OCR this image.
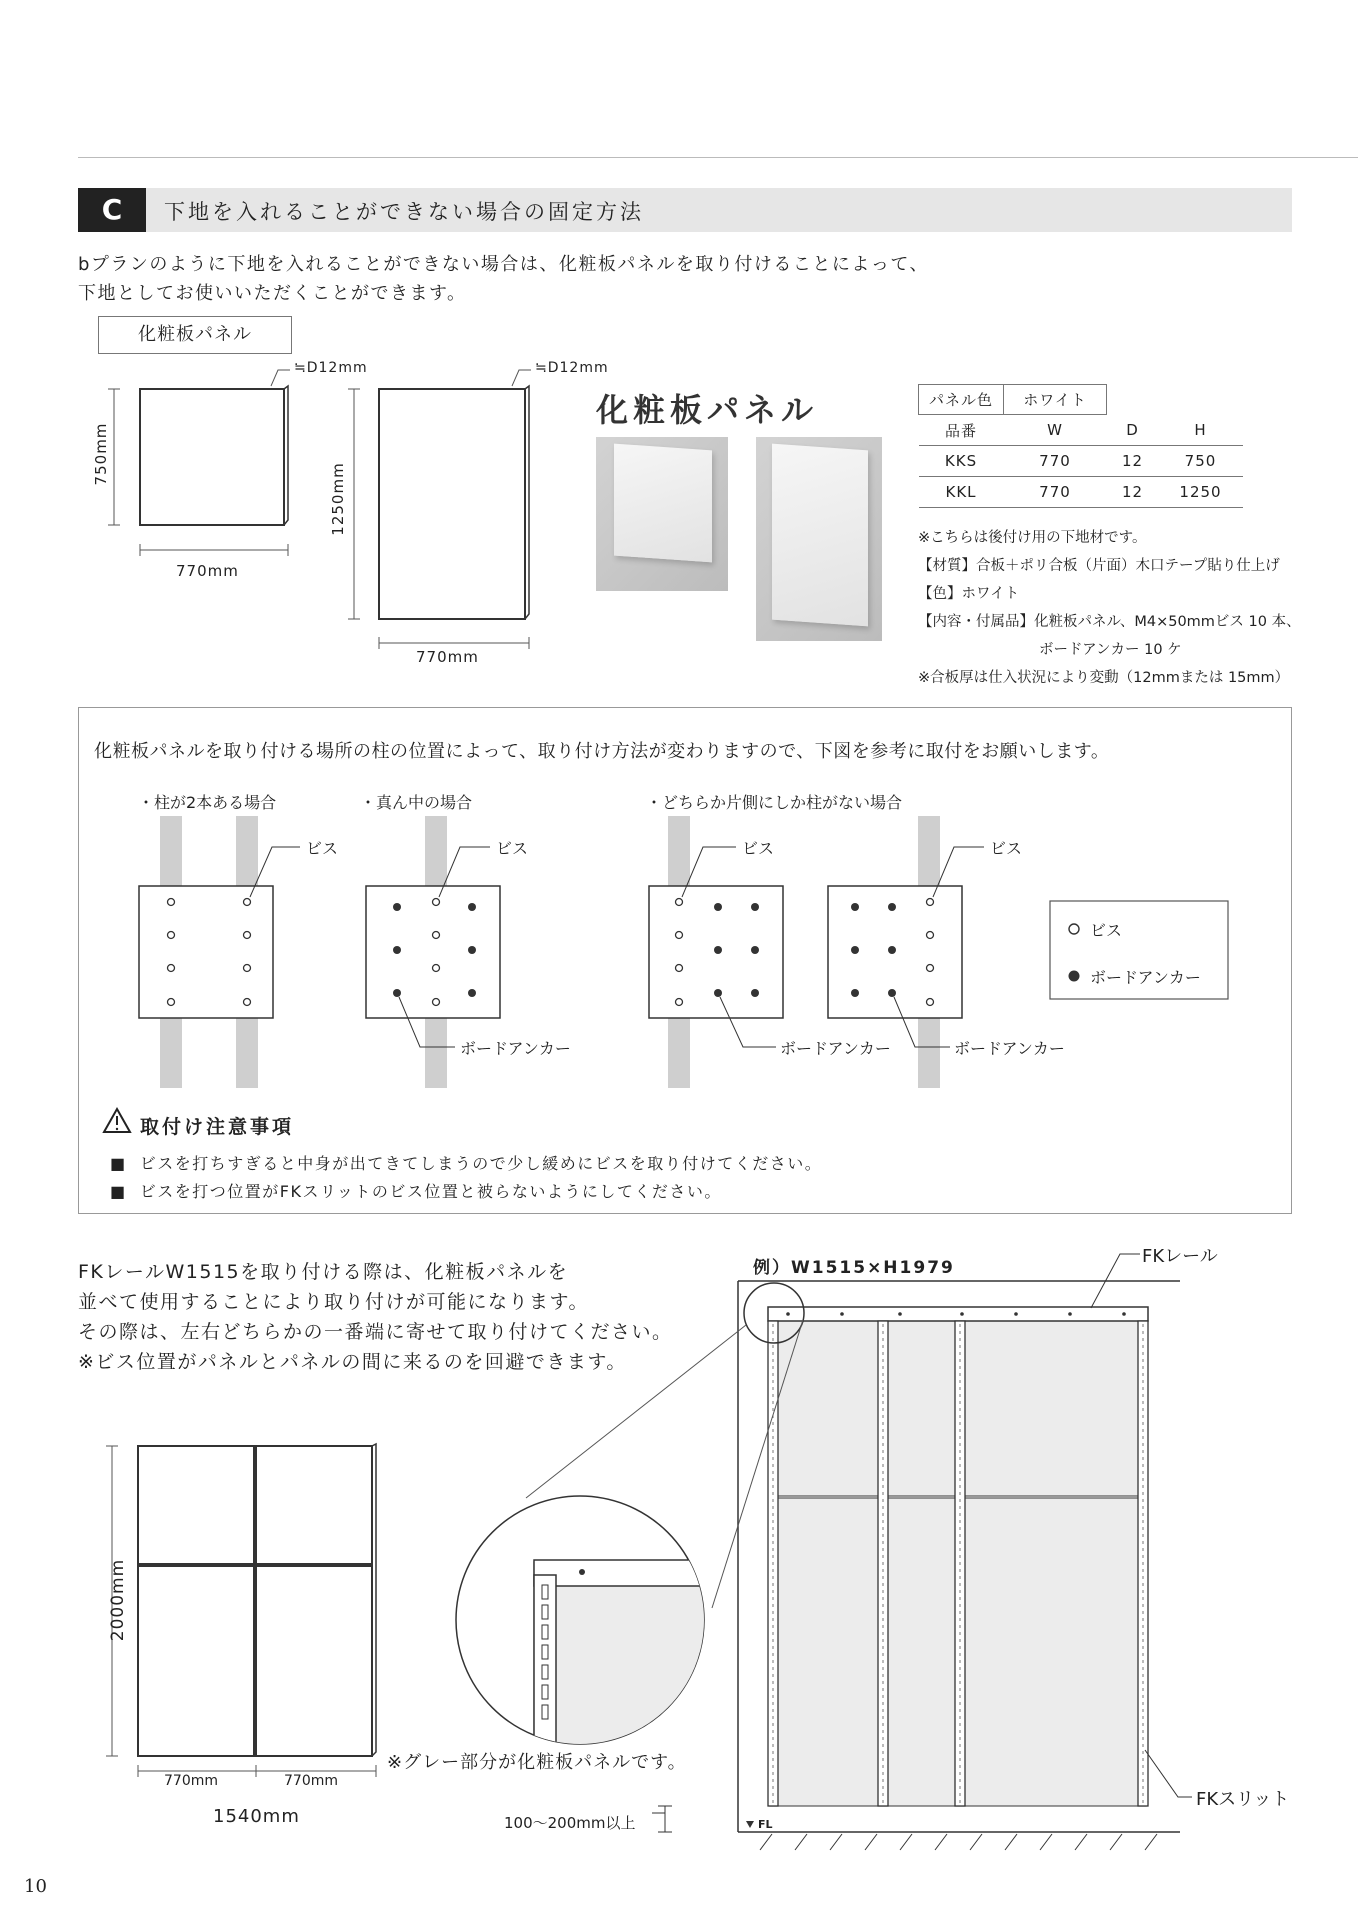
C	下地を入れることができない場合の固定方法
bプランのように下地を入れることができない場合は、化粧板パネルを取り付けることによって、
下地としてお使いいただくことができます。
化粧板パネル
≒D12mm	≒D12mm
750mm
770mm
1250mm
770mm
化粧板パネル	パネル色	ホワイト		
品番	W	D	H
KKS	770	12	750
KKL	770	12	1250
※こちらは後付け用の下地材です。
【材質】合板＋ポリ合板（片面）木口テープ貼り仕上げ
【色】ホワイト
【内容・付属品】化粧板パネル、M4×50mmビス 10 本、
ボードアンカー 10 ケ
※合板厚は仕入状況により変動（12mmまたは 15mm）
化粧板パネルを取り付ける場所の柱の位置によって、取り付け方法が変わりますので、下図を参考に取付をお願いします。
・柱が2本ある場合	・真ん中の場合	・どちらか片側にしか柱がない場合
ビス	ビス	ビス	ビス
ボードアンカー	ボードアンカー	ボードアンカー
ビス
ボードアンカー
取付け注意事項
■  ビスを打ちすぎると中身が出てきてしまうので少し緩めにビスを取り付けてください。
■  ビスを打つ位置がFKスリットのビス位置と被らないようにしてください。
FKレールW1515を取り付ける際は、化粧板パネルを
並べて使用することにより取り付けが可能になります。
その際は、左右どちらかの一番端に寄せて取り付けてください。
※ビス位置がパネルとパネルの間に来るのを回避できます。
2000mm
770mm	770mm
1540mm
※グレー部分が化粧板パネルです。
例）W1515×H1979
FKレール
FKスリット
100〜200mm以上	FL
10
